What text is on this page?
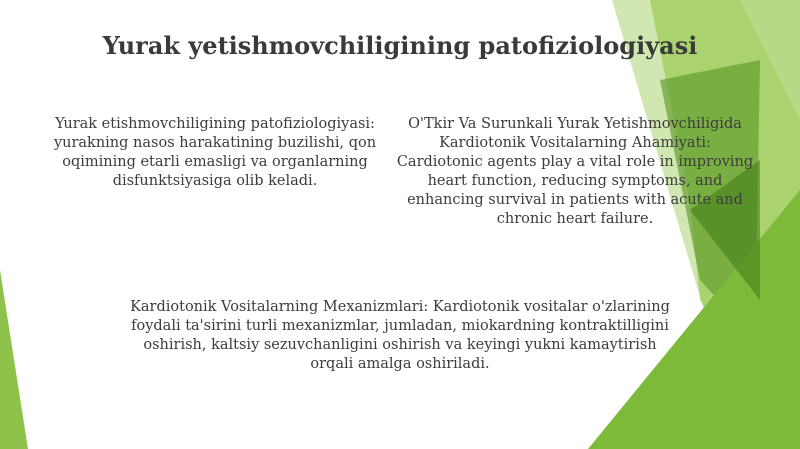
Yurak yetishmovchiligining patofiziologiyasi

Yurak etishmovchiligining patofiziologiyasi: yurakning nasos harakatining buzilishi, qon oqimining etarli emasligi va organlarning disfunktsiyasiga olib keladi.

O'Tkir Va Surunkali Yurak Yetishmovchiligida Kardiotonik Vositalarning Ahamiyati: Cardiotonic agents play a vital role in improving heart function, reducing symptoms, and enhancing survival in patients with acute and chronic heart failure.

Kardiotonik Vositalarning Mexanizmlari: Kardiotonik vositalar o'zlarining foydali ta'sirini turli mexanizmlar, jumladan, miokardning kontraktilligini oshirish, kaltsiy sezuvchanligini oshirish va keyingi yukni kamaytirish orqali amalga oshiriladi.
